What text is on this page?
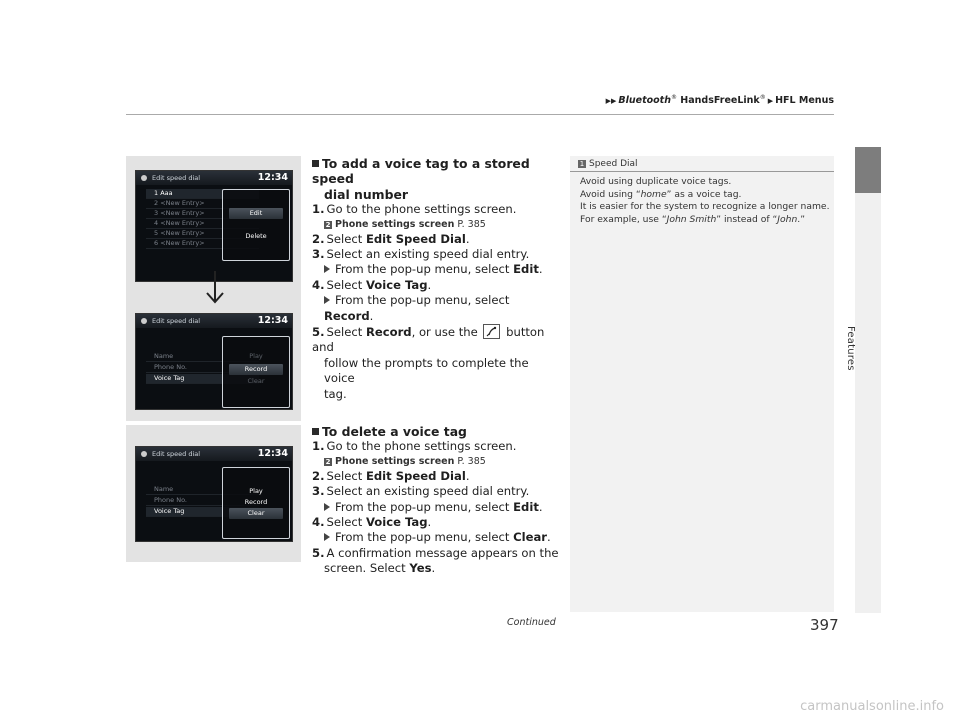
▶▶ Bluetooth® HandsFreeLink® ▶ HFL Menus
Features
Edit speed dial	12:34
1 Aaa
2 <New Entry>
3 <New Entry>
4 <New Entry>
5 <New Entry>
6 <New Entry>
Edit
Delete
Edit speed dial	12:34
Name
Phone No.
Voice Tag
Play
Record
Clear
Edit speed dial	12:34
Name
Phone No.
Voice Tag
Play
Record
Clear
To add a voice tag to a stored speed
dial number
1. Go to the phone settings screen.
2 Phone settings screen P. 385
2. Select Edit Speed Dial.
3. Select an existing speed dial entry.
From the pop-up menu, select Edit.
4. Select Voice Tag.
From the pop-up menu, select Record.
5. Select Record, or use the  button and
follow the prompts to complete the voice
tag.
To delete a voice tag
1. Go to the phone settings screen.
2 Phone settings screen P. 385
2. Select Edit Speed Dial.
3. Select an existing speed dial entry.
From the pop-up menu, select Edit.
4. Select Voice Tag.
From the pop-up menu, select Clear.
5. A confirmation message appears on the
screen. Select Yes.
1 Speed Dial
Avoid using duplicate voice tags.
Avoid using “home” as a voice tag.
It is easier for the system to recognize a longer name.
For example, use “John Smith” instead of “John.”
Continued	397
carmanualsonline.info
